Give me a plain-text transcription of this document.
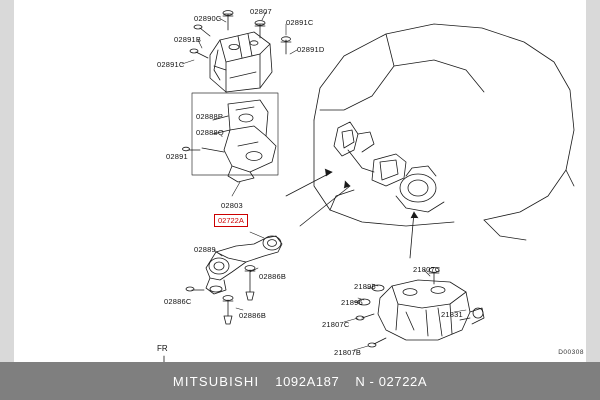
02722A
02890C
02807
02891C
02891B
02891D
02891C
02888P
02888Q
02891
02803
02889
02886B
02886C
02886B
21807C
21896
21896
21807C
21807B
21831
FR	D00308
MITSUBISHI 1092A187 N - 02722A
